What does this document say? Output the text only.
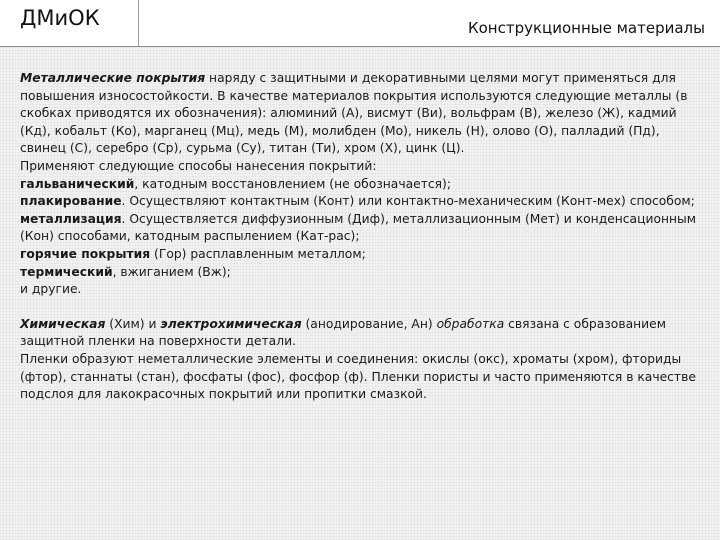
ДМиОК	Конструкционные материалы

Металлические покрытия наряду с защитными и декоративными целями могут применяться для повышения износостойкости. В качестве материалов покрытия используются следующие металлы (в скобках приводятся их обозначения): алюминий (А), висмут (Ви), вольфрам (В), железо (Ж), кадмий (Кд), кобальт (Ко), марганец (Мц), медь (М), молибден (Мо), никель (Н), олово (О), палладий (Пд), свинец (С), серебро (Ср), сурьма (Су), титан (Ти), хром (Х), цинк (Ц).

Применяют следующие способы нанесения покрытий:

гальванический, катодным восстановлением (не обозначается);

плакирование. Осуществляют контактным (Конт) или контактно-механическим (Конт-мех) способом;

металлизация. Осуществляется диффузионным (Диф), металлизационным (Мет) и конденсационным (Кон) способами, катодным распылением (Кат-рас);

горячие покрытия (Гор) расплавленным металлом;

термический, вжиганием (Вж);

и другие.

Химическая (Хим) и электрохимическая (анодирование, Ан) обработка связана с образованием защитной пленки на поверхности детали.

Пленки образуют неметаллические элементы и соединения: окислы (окс), хроматы (хром), фториды (фтор), станнаты (стан), фосфаты (фос), фосфор (ф). Пленки пористы и часто применяются в качестве подслоя для лакокрасочных покрытий или пропитки смазкой.
